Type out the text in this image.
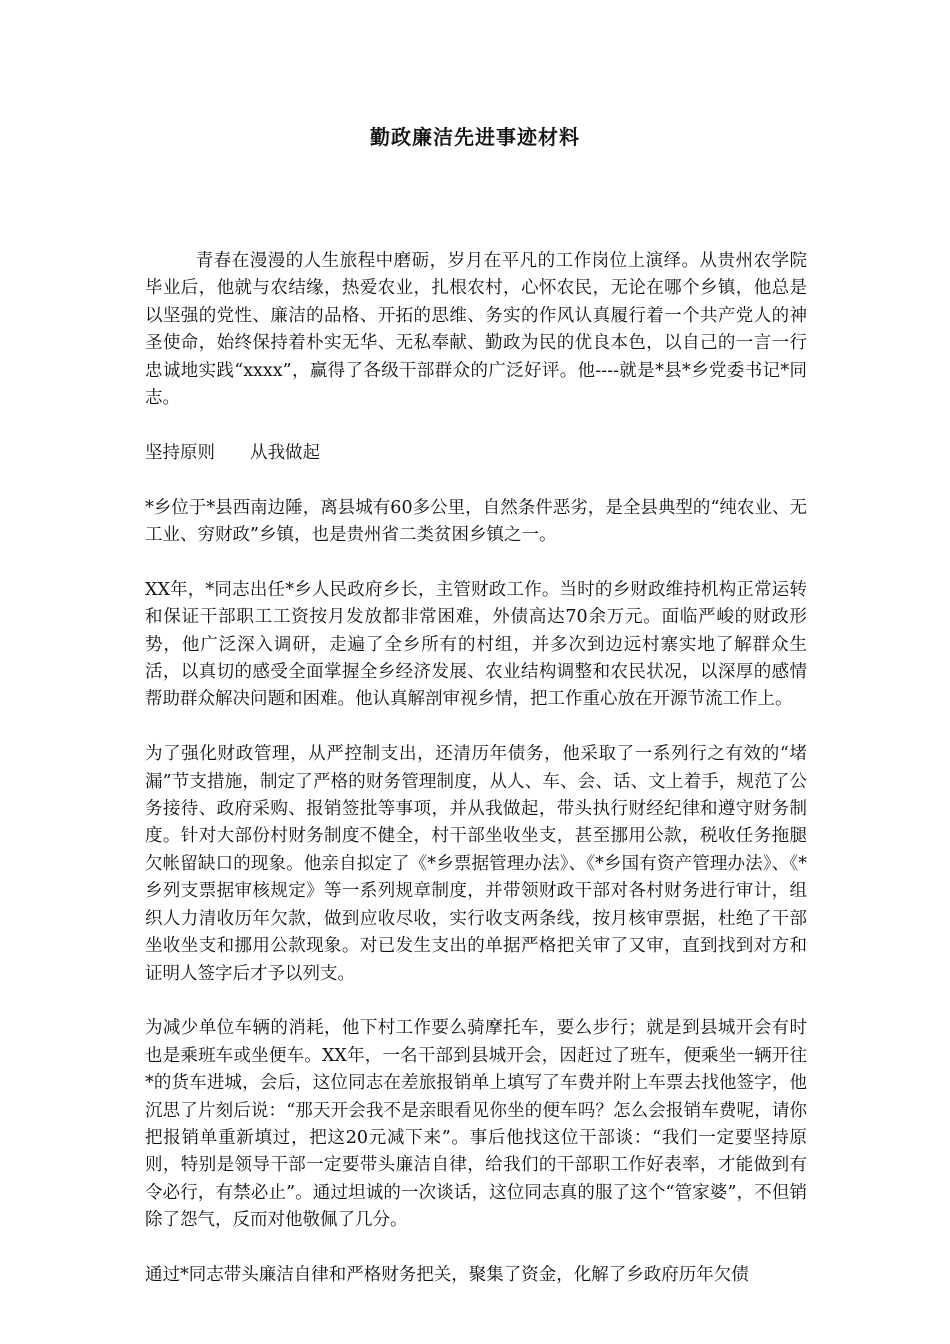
勤政廉洁先进事迹材料

青春在漫漫的人生旅程中磨砺，岁月在平凡的工作岗位上演绎。从贵州农学院毕业后，他就与农结缘，热爱农业，扎根农村，心怀农民，无论在哪个乡镇，他总是以坚强的党性、廉洁的品格、开拓的思维、务实的作风认真履行着一个共产党人的神圣使命，始终保持着朴实无华、无私奉献、勤政为民的优良本色，以自己的一言一行忠诚地实践“xxxx”，赢得了各级干部群众的广泛好评。他----就是*县*乡党委书记*同志。

坚持原则　　从我做起

*乡位于*县西南边陲，离县城有60多公里，自然条件恶劣，是全县典型的“纯农业、无工业、穷财政”乡镇，也是贵州省二类贫困乡镇之一。

XX年，*同志出任*乡人民政府乡长，主管财政工作。当时的乡财政维持机构正常运转和保证干部职工工资按月发放都非常困难，外债高达70余万元。面临严峻的财政形势，他广泛深入调研，走遍了全乡所有的村组，并多次到边远村寨实地了解群众生活，以真切的感受全面掌握全乡经济发展、农业结构调整和农民状况，以深厚的感情帮助群众解决问题和困难。他认真解剖审视乡情，把工作重心放在开源节流工作上。

为了强化财政管理，从严控制支出，还清历年债务，他采取了一系列行之有效的“堵漏”节支措施，制定了严格的财务管理制度，从人、车、会、话、文上着手，规范了公务接待、政府采购、报销签批等事项，并从我做起，带头执行财经纪律和遵守财务制度。针对大部份村财务制度不健全，村干部坐收坐支，甚至挪用公款，税收任务拖腿欠帐留缺口的现象。他亲自拟定了《*乡票据管理办法》、《*乡国有资产管理办法》、《*乡列支票据审核规定》等一系列规章制度，并带领财政干部对各村财务进行审计，组织人力清收历年欠款，做到应收尽收，实行收支两条线，按月核审票据，杜绝了干部坐收坐支和挪用公款现象。对已发生支出的单据严格把关审了又审，直到找到对方和证明人签字后才予以列支。

为减少单位车辆的消耗，他下村工作要么骑摩托车，要么步行；就是到县城开会有时也是乘班车或坐便车。XX年，一名干部到县城开会，因赶过了班车，便乘坐一辆开往*的货车进城，会后，这位同志在差旅报销单上填写了车费并附上车票去找他签字，他沉思了片刻后说：“那天开会我不是亲眼看见你坐的便车吗？怎么会报销车费呢，请你把报销单重新填过，把这20元减下来”。事后他找这位干部谈：“我们一定要坚持原则，特别是领导干部一定要带头廉洁自律，给我们的干部职工作好表率，才能做到有令必行，有禁必止”。通过坦诚的一次谈话，这位同志真的服了这个“管家婆”，不但销除了怨气，反而对他敬佩了几分。

通过*同志带头廉洁自律和严格财务把关，聚集了资金，化解了乡政府历年欠债
